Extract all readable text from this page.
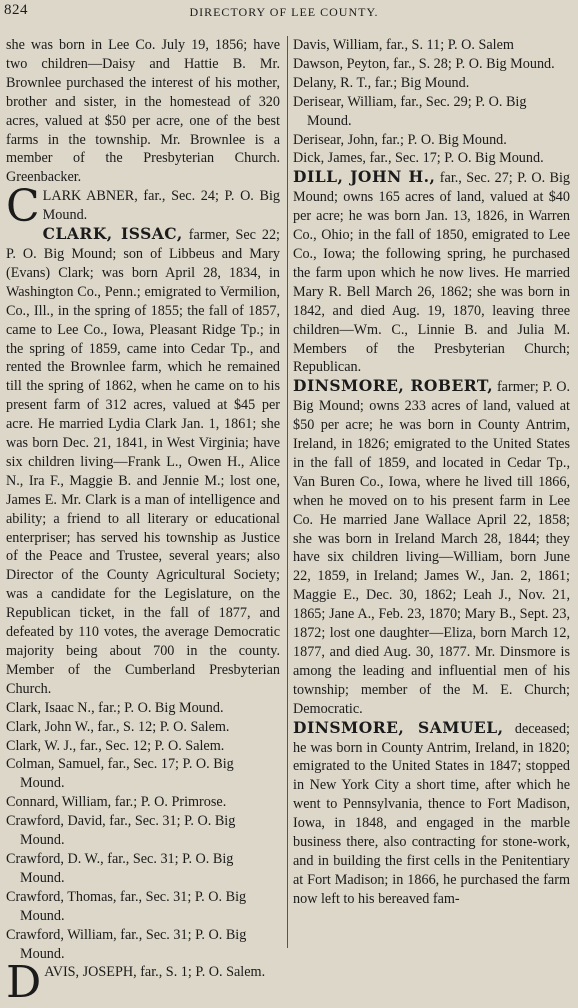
824	DIRECTORY OF LEE COUNTY.

she was born in Lee Co. July 19, 1856; have two children—Daisy and Hattie B. Mr. Brownlee purchased the interest of his mother, brother and sister, in the homestead of 320 acres, valued at $50 per acre, one of the best farms in the township. Mr. Brownlee is a member of the Presbyterian Church. Greenbacker.

CLARK ABNER, far., Sec. 24; P. O. Big Mound.

CLARK, ISSAC, farmer, Sec 22; P. O. Big Mound; son of Libbeus and Mary (Evans) Clark; was born April 28, 1834, in Washington Co., Penn.; emigrated to Vermilion, Co., Ill., in the spring of 1855; the fall of 1857, came to Lee Co., Iowa, Pleasant Ridge Tp.; in the spring of 1859, came into Cedar Tp., and rented the Brownlee farm, which he remained till the spring of 1862, when he came on to his present farm of 312 acres, valued at $45 per acre. He married Lydia Clark Jan. 1, 1861; she was born Dec. 21, 1841, in West Virginia; have six children living—Frank L., Owen H., Alice N., Ira F., Maggie B. and Jennie M.; lost one, James E. Mr. Clark is a man of intelligence and ability; a friend to all literary or educational enterpriser; has served his township as Justice of the Peace and Trustee, several years; also Director of the County Agricultural Society; was a candidate for the Legislature, on the Republican ticket, in the fall of 1877, and defeated by 110 votes, the average Democratic majority being about 700 in the county. Member of the Cumberland Presbyterian Church.

Clark, Isaac N., far.; P. O. Big Mound.

Clark, John W., far., S. 12; P. O. Salem.

Clark, W. J., far., Sec. 12; P. O. Salem.

Colman, Samuel, far., Sec. 17; P. O. Big Mound.

Connard, William, far.; P. O. Primrose.

Crawford, David, far., Sec. 31; P. O. Big Mound.

Crawford, D. W., far., Sec. 31; P. O. Big Mound.

Crawford, Thomas, far., Sec. 31; P. O. Big Mound.

Crawford, William, far., Sec. 31; P. O. Big Mound.

DAVIS, JOSEPH, far., S. 1; P. O. Salem.

Davis, William, far., S. 11; P. O. Salem

Dawson, Peyton, far., S. 28; P. O. Big Mound.

Delany, R. T., far.; Big Mound.

Derisear, William, far., Sec. 29; P. O. Big Mound.

Derisear, John, far.; P. O. Big Mound.

Dick, James, far., Sec. 17; P. O. Big Mound.

DILL, JOHN H., far., Sec. 27; P. O. Big Mound; owns 165 acres of land, valued at $40 per acre; he was born Jan. 13, 1826, in Warren Co., Ohio; in the fall of 1850, emigrated to Lee Co., Iowa; the following spring, he purchased the farm upon which he now lives. He married Mary R. Bell March 26, 1862; she was born in 1842, and died Aug. 19, 1870, leaving three children—Wm. C., Linnie B. and Julia M. Members of the Presbyterian Church; Republican.

DINSMORE, ROBERT, farmer; P. O. Big Mound; owns 233 acres of land, valued at $50 per acre; he was born in County Antrim, Ireland, in 1826; emigrated to the United States in the fall of 1859, and located in Cedar Tp., Van Buren Co., Iowa, where he lived till 1866, when he moved on to his present farm in Lee Co. He married Jane Wallace April 22, 1858; she was born in Ireland March 28, 1844; they have six children living—William, born June 22, 1859, in Ireland; James W., Jan. 2, 1861; Maggie E., Dec. 30, 1862; Leah J., Nov. 21, 1865; Jane A., Feb. 23, 1870; Mary B., Sept. 23, 1872; lost one daughter—Eliza, born March 12, 1877, and died Aug. 30, 1877. Mr. Dinsmore is among the leading and influential men of his township; member of the M. E. Church; Democratic.

DINSMORE, SAMUEL, deceased; he was born in County Antrim, Ireland, in 1820; emigrated to the United States in 1847; stopped in New York City a short time, after which he went to Pennsylvania, thence to Fort Madison, Iowa, in 1848, and engaged in the marble business there, also contracting for stone-work, and in building the first cells in the Penitentiary at Fort Madison; in 1866, he purchased the farm now left to his bereaved fam-
